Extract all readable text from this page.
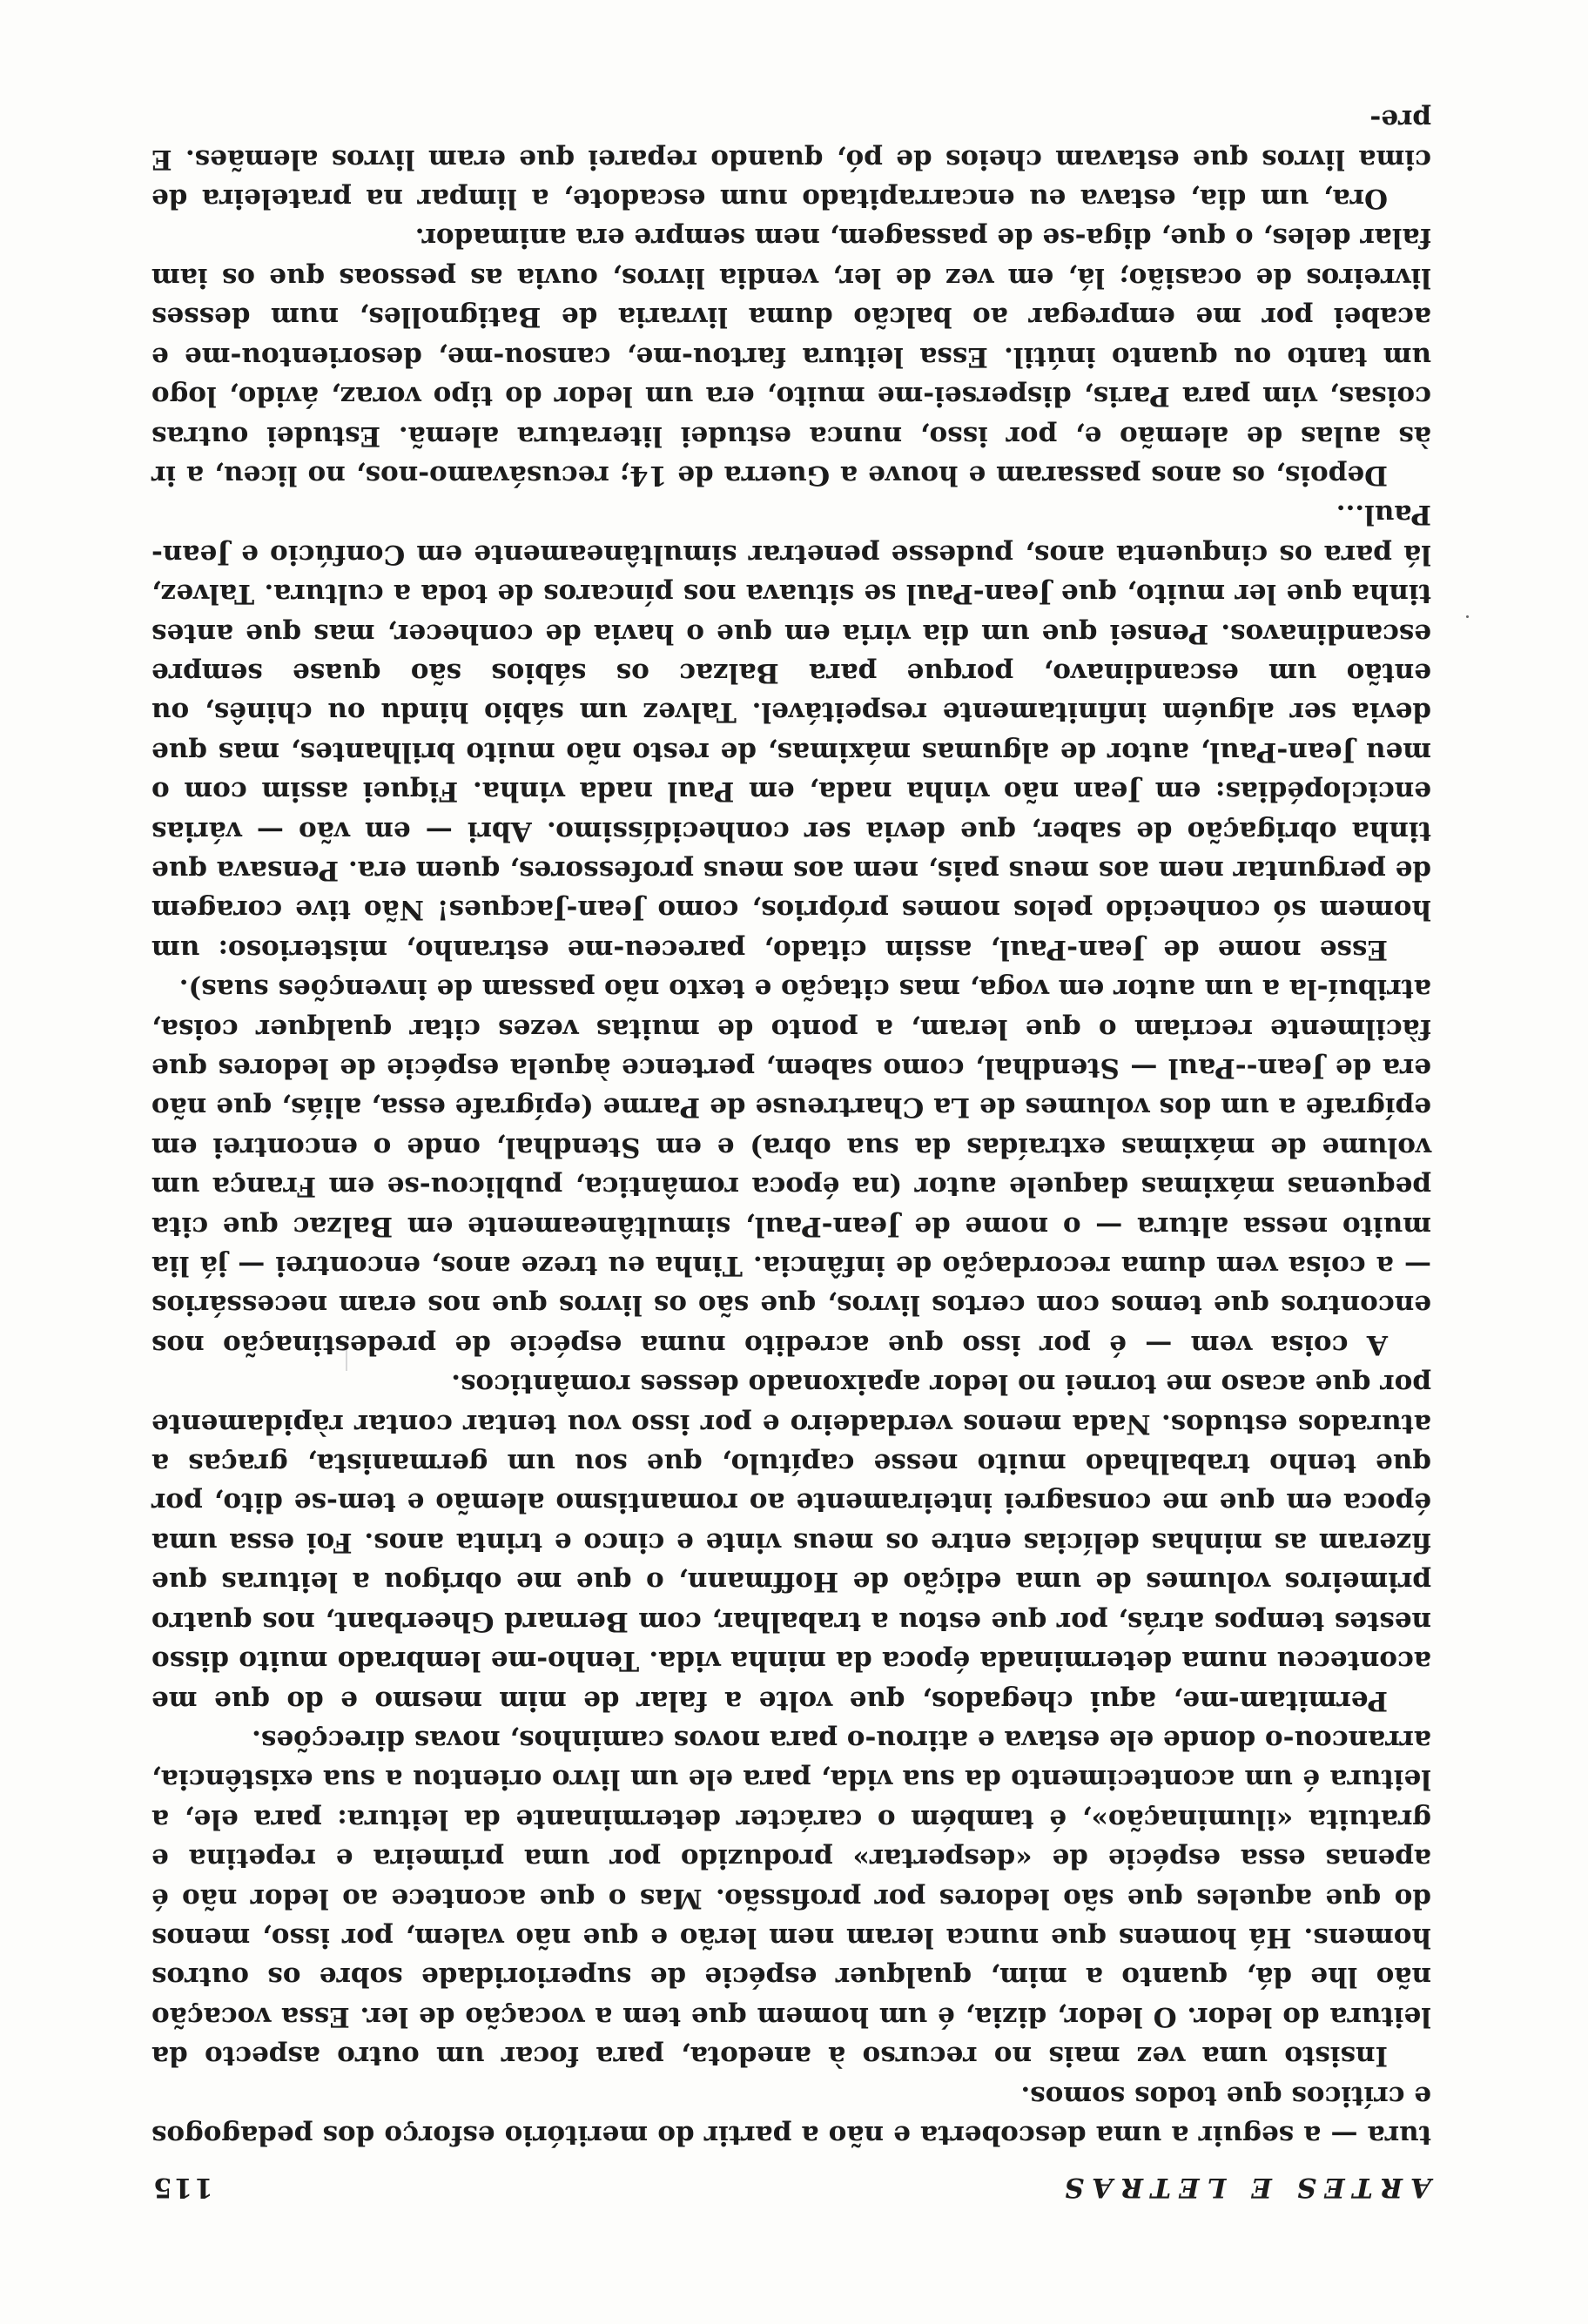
ARTES E LETRAS
115

tura — a seguir a uma descoberta e não a partir do meritório esforço dos pedagogos e críticos que todos somos.

Insisto uma vez mais no recurso à anedota, para focar um outro aspecto da leitura do ledor. O ledor, dizia, é um homem que tem a vocação de ler. Essa vocação não lhe dá, quanto a mim, qualquer espécie de superioridade sobre os outros homens. Há homens que nunca leram nem lerão e que não valem, por isso, menos do que aqueles que são ledores por profissão. Mas o que acontece ao ledor não é apenas essa espécie de «despertar» produzido por uma primeira e repetina e gratuita «iluminação», é também o carácter determinante da leitura: para ele, a leitura é um acontecimento da sua vida, para ele um livro orientou a sua existência, arrancou-o donde ele estava e atirou-o para novos caminhos, novas direcções.

Permitam-me, aqui chegados, que volte a falar de mim mesmo e do que me aconteceu numa determinada época da minha vida. Tenho-me lembrado muito disso nestes tempos atrás, por que estou a trabalhar, com Bernard Gheerbant, nos quatro primeiros volumes de uma edição de Hoffmann, o que me obrigou a leituras que fizeram as minhas delícias entre os meus vinte e cinco e trinta anos. Foi essa uma época em que me consagrei inteiramente ao romantismo alemão e tem-se dito, por que tenho trabalhado muito nesse capítulo, que sou um germanista, graças a aturados estudos. Nada menos verdadeiro e por isso vou tentar contar ràpidamente por que acaso me tornei no ledor apaixonado desses românticos.

A coisa vem — é por isso que acredito numa espécie de predestinação nos encontros que temos com certos livros, que são os livros que nos eram necessários — a coisa vem duma recordação de infância. Tinha eu treze anos, encontrei — já lia muito nessa altura — o nome de Jean-Paul, simultâneamente em Balzac que cita pequenas máximas daquele autor (na época romântica, publicou-se em França um volume de máximas extraídas da sua obra) e em Stendhal, onde o encontrei em epígrafe a um dos volumes de La Chartreuse de Parme (epígrafe essa, aliás, que não era de Jean--Paul — Stendhal, como sabem, pertence àquela espécie de ledores que fàcilmente recriam o que leram, a ponto de muitas vezes citar qualquer coisa, atribuí-la a um autor em voga, mas citação e texto não passam de invenções suas).

Esse nome de Jean-Paul, assim citado, pareceu-me estranho, misterioso: um homem só conhecido pelos nomes próprios, como Jean-Jacques! Não tive coragem de perguntar nem aos meus pais, nem aos meus professores, quem era. Pensava que tinha obrigação de saber, que devia ser conhecidíssimo. Abri — em vão — várias enciclopédias: em Jean não vinha nada, em Paul nada vinha. Fiquei assim com o meu Jean-Paul, autor de algumas máximas, de resto não muito brilhantes, mas que devia ser alguém infinitamente respeitável. Talvez um sábio hindu ou chinês, ou então um escandinavo, porque para Balzac os sábios são quase sempre escandinavos. Pensei que um dia viria em que o havia de conhecer, mas que antes tinha que ler muito, que Jean-Paul se situava nos píncaros de toda a cultura. Talvez, lá para os cinquenta anos, pudesse penetrar simultâneamente em Confúcio e Jean-Paul...

Depois, os anos passaram e houve a Guerra de 14; recusávamo-nos, no liceu, a ir às aulas de alemão e, por isso, nunca estudei literatura alemã. Estudei outras coisas, vim para Paris, dispersei-me muito, era um ledor do tipo voraz, ávido, logo um tanto ou quanto inútil. Essa leitura fartou-me, cansou-me, desorientou-me e acabei por me empregar ao balcão duma livraria de Batignolles, num desses livreiros de ocasião; lá, em vez de ler, vendia livros, ouvia as pessoas que os iam falar deles, o que, diga-se de passagem, nem sempre era animador.

Ora, um dia, estava eu encarrapitado num escadote, a limpar na prateleira de cima livros que estavam cheios de pó, quando reparei que eram livros alemães. E pre-
